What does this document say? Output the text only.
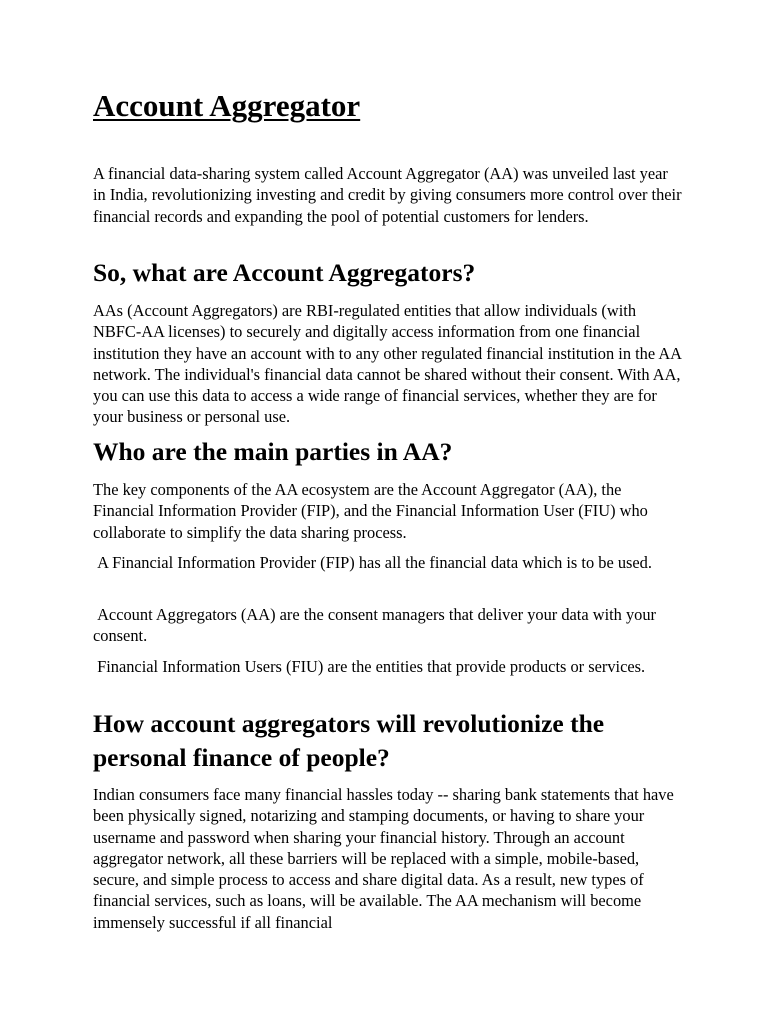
Account Aggregator

A financial data-sharing system called Account Aggregator (AA) was unveiled last year in India, revolutionizing investing and credit by giving consumers more control over their financial records and expanding the pool of potential customers for lenders.

So, what are Account Aggregators?

AAs (Account Aggregators) are RBI-regulated entities that allow individuals (with NBFC-AA licenses) to securely and digitally access information from one financial institution they have an account with to any other regulated financial institution in the AA network. The individual's financial data cannot be shared without their consent. With AA, you can use this data to access a wide range of financial services, whether they are for your business or personal use.

Who are the main parties in AA?

The key components of the AA ecosystem are the Account Aggregator (AA), the Financial Information Provider (FIP), and the Financial Information User (FIU) who collaborate to simplify the data sharing process.

A Financial Information Provider (FIP) has all the financial data which is to be used.

Account Aggregators (AA) are the consent managers that deliver your data with your consent.

Financial Information Users (FIU) are the entities that provide products or services.

How account aggregators will revolutionize the personal finance of people?

Indian consumers face many financial hassles today -- sharing bank statements that have been physically signed, notarizing and stamping documents, or having to share your username and password when sharing your financial history. Through an account aggregator network, all these barriers will be replaced with a simple, mobile-based, secure, and simple process to access and share digital data. As a result, new types of financial services, such as loans, will be available. The AA mechanism will become immensely successful if all financial
